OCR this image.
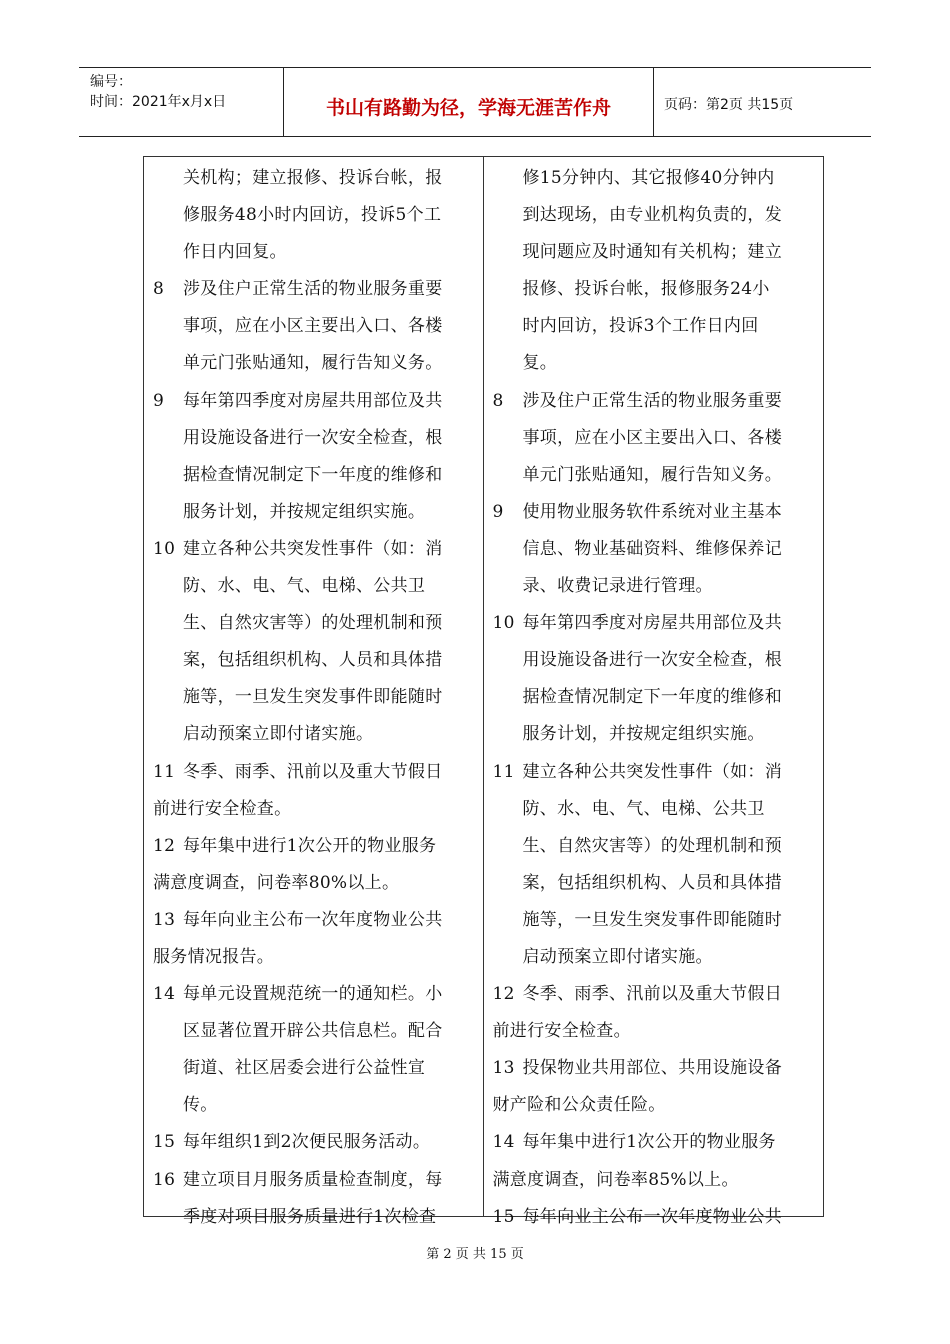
编号：
时间：2021年x月x日	书山有路勤为径，学海无涯苦作舟	页码：第2页 共15页
关机构；建立报修、投诉台帐，报
修服务48小时内回访，投诉5个工
作日内回复。
8 涉及住户正常生活的物业服务重要
事项，应在小区主要出入口、各楼
单元门张贴通知，履行告知义务。
9 每年第四季度对房屋共用部位及共
用设施设备进行一次安全检查，根
据检查情况制定下一年度的维修和
服务计划，并按规定组织实施。
10 建立各种公共突发性事件（如：消
防、水、电、气、电梯、公共卫
生、自然灾害等）的处理机制和预
案，包括组织机构、人员和具体措
施等，一旦发生突发事件即能随时
启动预案立即付诸实施。
11 冬季、雨季、汛前以及重大节假日
前进行安全检查。
12 每年集中进行1次公开的物业服务
满意度调查，问卷率80%以上。
13 每年向业主公布一次年度物业公共
服务情况报告。
14 每单元设置规范统一的通知栏。小
区显著位置开辟公共信息栏。配合
街道、社区居委会进行公益性宣
传。
15 每年组织1到2次便民服务活动。
16 建立项目月服务质量检查制度，每
季度对项目服务质量进行1次检查
修15分钟内、其它报修40分钟内
到达现场，由专业机构负责的，发
现问题应及时通知有关机构；建立
报修、投诉台帐，报修服务24小
时内回访，投诉3个工作日内回
复。
8 涉及住户正常生活的物业服务重要
事项，应在小区主要出入口、各楼
单元门张贴通知，履行告知义务。
9 使用物业服务软件系统对业主基本
信息、物业基础资料、维修保养记
录、收费记录进行管理。
10 每年第四季度对房屋共用部位及共
用设施设备进行一次安全检查，根
据检查情况制定下一年度的维修和
服务计划，并按规定组织实施。
11 建立各种公共突发性事件（如：消
防、水、电、气、电梯、公共卫
生、自然灾害等）的处理机制和预
案，包括组织机构、人员和具体措
施等，一旦发生突发事件即能随时
启动预案立即付诸实施。
12 冬季、雨季、汛前以及重大节假日
前进行安全检查。
13 投保物业共用部位、共用设施设备
财产险和公众责任险。
14 每年集中进行1次公开的物业服务
满意度调查，问卷率85%以上。
15 每年向业主公布一次年度物业公共
第 2 页 共 15 页
